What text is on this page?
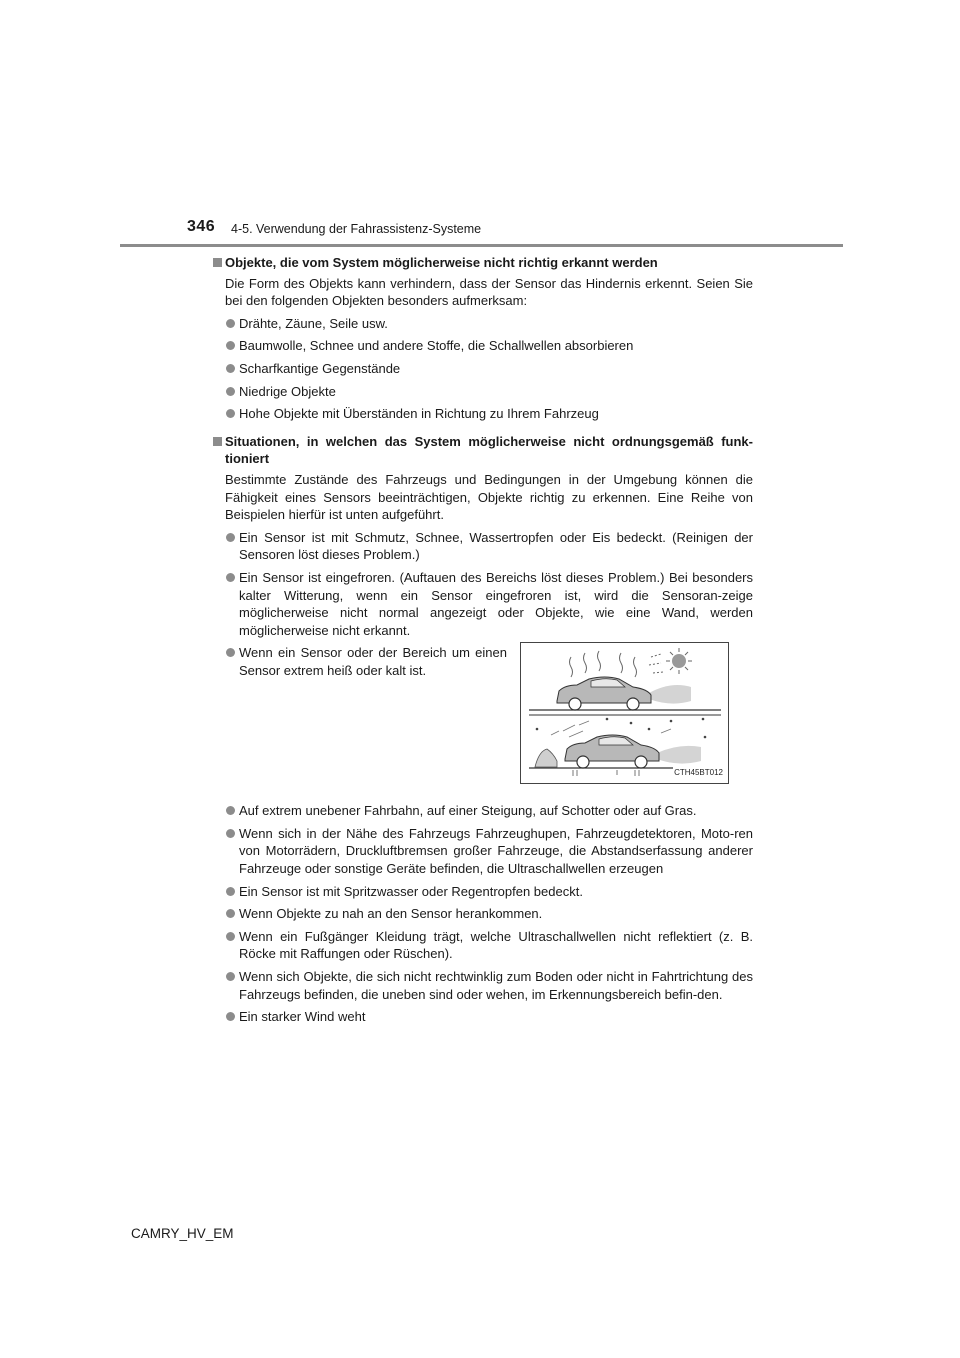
346 4-5. Verwendung der Fahrassistenz-Systeme
Objekte, die vom System möglicherweise nicht richtig erkannt werden
Die Form des Objekts kann verhindern, dass der Sensor das Hindernis erkennt. Seien Sie bei den folgenden Objekten besonders aufmerksam:
Drähte, Zäune, Seile usw.
Baumwolle, Schnee und andere Stoffe, die Schallwellen absorbieren
Scharfkantige Gegenstände
Niedrige Objekte
Hohe Objekte mit Überständen in Richtung zu Ihrem Fahrzeug
Situationen, in welchen das System möglicherweise nicht ordnungsgemäß funk-tioniert
Bestimmte Zustände des Fahrzeugs und Bedingungen in der Umgebung können die Fähigkeit eines Sensors beeinträchtigen, Objekte richtig zu erkennen. Eine Reihe von Beispielen hierfür ist unten aufgeführt.
Ein Sensor ist mit Schmutz, Schnee, Wassertropfen oder Eis bedeckt. (Reinigen der Sensoren löst dieses Problem.)
Ein Sensor ist eingefroren. (Auftauen des Bereichs löst dieses Problem.) Bei besonders kalter Witterung, wenn ein Sensor eingefroren ist, wird die Sensoran-zeige möglicherweise nicht normal angezeigt oder Objekte, wie eine Wand, werden möglicherweise nicht erkannt.
Wenn ein Sensor oder der Bereich um einen Sensor extrem heiß oder kalt ist.
CTH45BT012
Auf extrem unebener Fahrbahn, auf einer Steigung, auf Schotter oder auf Gras.
Wenn sich in der Nähe des Fahrzeugs Fahrzeughupen, Fahrzeugdetektoren, Moto-ren von Motorrädern, Druckluftbremsen großer Fahrzeuge, die Abstandserfassung anderer Fahrzeuge oder sonstige Geräte befinden, die Ultraschallwellen erzeugen
Ein Sensor ist mit Spritzwasser oder Regentropfen bedeckt.
Wenn Objekte zu nah an den Sensor herankommen.
Wenn ein Fußgänger Kleidung trägt, welche Ultraschallwellen nicht reflektiert (z. B. Röcke mit Raffungen oder Rüschen).
Wenn sich Objekte, die sich nicht rechtwinklig zum Boden oder nicht in Fahrtrichtung des Fahrzeugs befinden, die uneben sind oder wehen, im Erkennungsbereich befin-den.
Ein starker Wind weht
CAMRY_HV_EM
